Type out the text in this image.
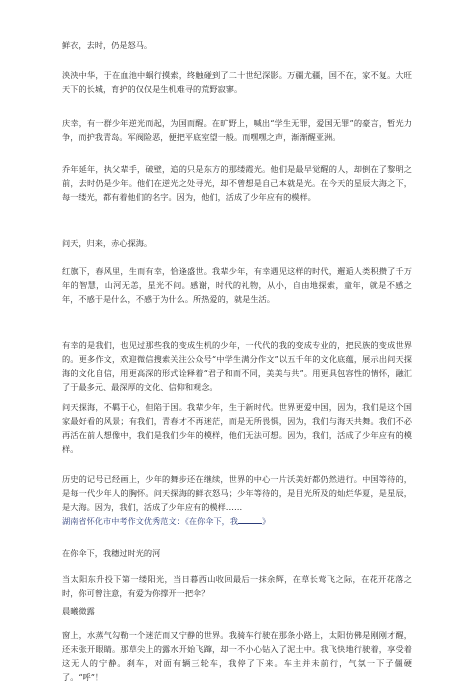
鲜衣，去时，仍是怒马。

泱泱中华，于在血池中蜗行摸索，终触碰到了二十世纪深影。万疆尤疆，国不在，家不复。大旺天下的长城，育护的仅仅是生机难寻的荒野寂寥。

庆幸，有一群少年逆光而起，为国而醒。在旷野上，喊出“学生无罪，爱国无罪”的豪言，暂光力争，而护我青岛。军阀险恶，便把平底室望一般。而嘿嘿之声，渐渐醒亚洲。

乔年延年，执父辈手，破壁，追的只是东方的那缕霞光。他们是最早觉醒的人，却倒在了黎明之前，去时仍是少年。他们在逆光之处寻光，却不曾想是自己本就是光。在今天的星辰大海之下，每一缕光，都有着他们的名字。因为，他们，活成了少年应有的模样。

问天，归来，赤心探海。

红旗下，春风里，生而有幸，恰逢盛世。我辈少年，有幸遇见这样的时代，邂逅人类积攒了千万年的智慧，山河无恙，星光不问。感谢，时代的礼物，从小，自由地探索，童年，就是不感之年，不感于是什么，不感于为什么。所热爱的，就是生活。

有幸的是我们，也见过那些我的变成生机的少年，一代代的我的变成专业的，把民族的变成世界的。更多作文，欢迎微信搜索关注公众号“中学生满分作文”以五千年的文化底蕴，展示出问天探海的文化自信，用更高深的形式诠释着“君子和而不同，美美与共”。用更具包容性的情怀，融汇了于最多元、最深厚的文化、信仰和观念。

问天探海，不羁于心，但陷于国。我辈少年，生于新时代。世界更爱中国，因为，我们是这个国家最好看的风景；有我们，青春才不再迷茫，而是无所畏惧，因为，我们与海天共舞。我们不必再活在前人想像中，我们是我们少年的模样，他们无法可想。因为，我们，活成了少年应有的模样。

历史的记号已经画上，少年的舞步还在继续，世界的中心一片沃美好都仍然进行。中国等待的，是每一代少年人的胸怀。问天探海的鲜衣怒马；少年等待的，是目光所及的灿烂华夏，是星辰，是大海。因为，我们，活成了少年应有的模样……

湖南省怀化市中考作文优秀范文：《在你伞下，我	》

在你伞下，我穗过时光的河

当太阳东升投下第一缕阳光，当日暮西山收回最后一抹余辉，在草长莺飞之际，在花开花落之时，你可曾注意，有爱为你撑开一把伞？

晨曦微露

窗上，水蒸气勾勒一个迷茫而又宁静的世界。我骑车行驶在那条小路上，太阳仿佛是刚刚才醒，还未张开眼睛。那草尖上的露水开始飞蹿，却一不小心钻入了泥土中。我飞快地行驶着，享受着这无人的宁静。刹车，对面有辆三轮车，我停了下来。车主并未前行，气氛一下子僵硬了。“呼”！
